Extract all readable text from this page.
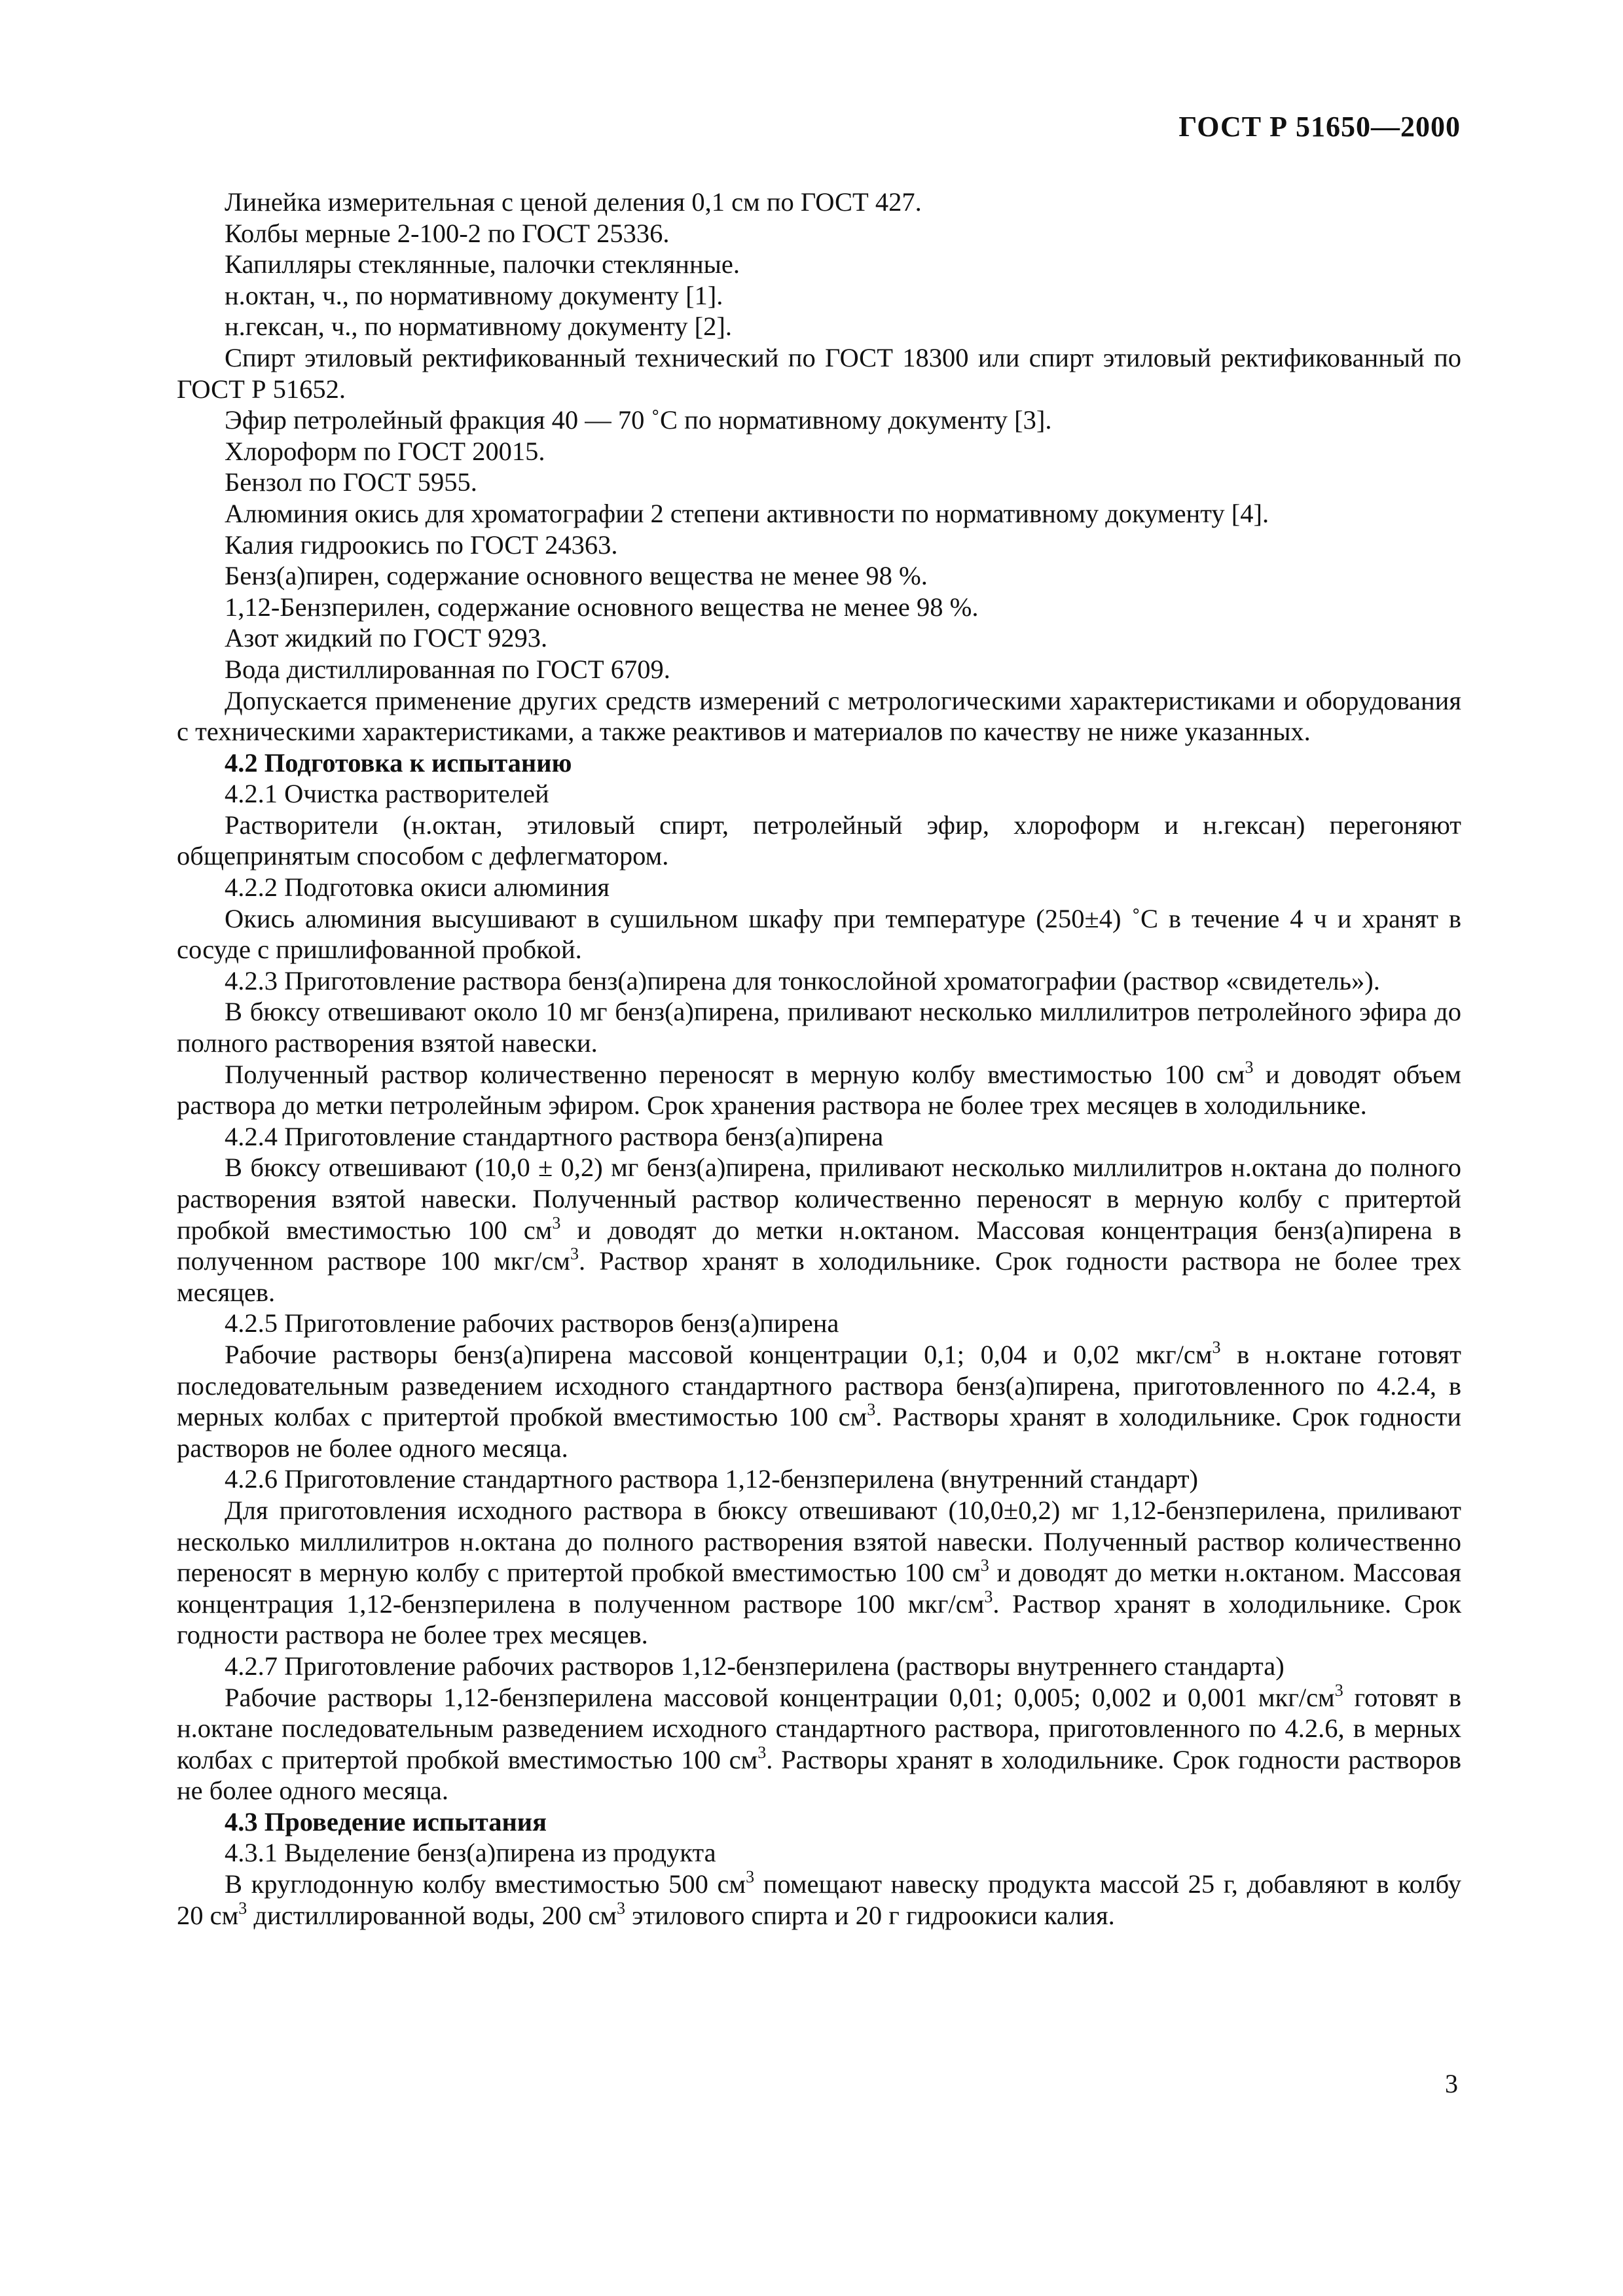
ГОСТ Р 51650—2000

Линейка измерительная с ценой деления 0,1 см по ГОСТ 427.

Колбы мерные 2-100-2 по ГОСТ 25336.

Капилляры стеклянные, палочки стеклянные.

н.октан, ч., по нормативному документу [1].

н.гексан, ч., по нормативному документу [2].

Спирт этиловый ректификованный технический по ГОСТ 18300 или спирт этиловый ректификованный по ГОСТ Р 51652.

Эфир петролейный фракция 40 — 70 ˚С по нормативному документу [3].

Хлороформ по ГОСТ 20015.

Бензол по ГОСТ 5955.

Алюминия окись для хроматографии 2 степени активности по нормативному документу [4].

Калия гидроокись по ГОСТ 24363.

Бенз(а)пирен, содержание основного вещества не менее 98 %.

1,12-Бензперилен, содержание основного вещества не менее 98 %.

Азот жидкий по ГОСТ 9293.

Вода дистиллированная по ГОСТ 6709.

Допускается применение других средств измерений с метрологическими характеристиками и оборудования с техническими характеристиками, а также реактивов и материалов по качеству не ниже указанных.

4.2 Подготовка к испытанию

4.2.1 Очистка растворителей

Растворители (н.октан, этиловый спирт, петролейный эфир, хлороформ и н.гексан) перегоняют общепринятым способом с дефлегматором.

4.2.2 Подготовка окиси алюминия

Окись алюминия высушивают в сушильном шкафу при температуре (250±4) ˚С в течение 4 ч и хранят в сосуде с пришлифованной пробкой.

4.2.3 Приготовление раствора бенз(а)пирена для тонкослойной хроматографии (раствор «свидетель»).

В бюксу отвешивают около 10 мг бенз(а)пирена, приливают несколько миллилитров петролейного эфира до полного растворения взятой навески.

Полученный раствор количественно переносят в мерную колбу вместимостью 100 $см^3$ и доводят объем раствора до метки петролейным эфиром. Срок хранения раствора не более трех месяцев в холодильнике.

4.2.4 Приготовление стандартного раствора бенз(а)пирена

В бюксу отвешивают (10,0 ± 0,2) мг бенз(а)пирена, приливают несколько миллилитров н.октана до полного растворения взятой навески. Полученный раствор количественно переносят в мерную колбу с притертой пробкой вместимостью 100 $см^3$ и доводят до метки н.октаном. Массовая концентрация бенз(а)пирена в полученном растворе 100 мкг/$см^3$. Раствор хранят в холодильнике. Срок годности раствора не более трех месяцев.

4.2.5 Приготовление рабочих растворов бенз(а)пирена

Рабочие растворы бенз(а)пирена массовой концентрации 0,1; 0,04 и 0,02 мкг/$см^3$ в н.октане готовят последовательным разведением исходного стандартного раствора бенз(а)пирена, приготовленного по 4.2.4, в мерных колбах с притертой пробкой вместимостью 100 $см^3$. Растворы хранят в холодильнике. Срок годности растворов не более одного месяца.

4.2.6 Приготовление стандартного раствора 1,12-бензперилена (внутренний стандарт)

Для приготовления исходного раствора в бюксу отвешивают (10,0±0,2) мг 1,12-бензперилена, приливают несколько миллилитров н.октана до полного растворения взятой навески. Полученный раствор количественно переносят в мерную колбу с притертой пробкой вместимостью 100 $см^3$ и доводят до метки н.октаном. Массовая концентрация 1,12-бензперилена в полученном растворе 100 мкг/$см^3$. Раствор хранят в холодильнике. Срок годности раствора не более трех месяцев.

4.2.7 Приготовление рабочих растворов 1,12-бензперилена (растворы внутреннего стандарта)

Рабочие растворы 1,12-бензперилена массовой концентрации 0,01; 0,005; 0,002 и 0,001 мкг/$см^3$ готовят в н.октане последовательным разведением исходного стандартного раствора, приготовленного по 4.2.6, в мерных колбах с притертой пробкой вместимостью 100 $см^3$. Растворы хранят в холодильнике. Срок годности растворов не более одного месяца.

4.3 Проведение испытания

4.3.1 Выделение бенз(а)пирена из продукта

В круглодонную колбу вместимостью 500 $см^3$ помещают навеску продукта массой 25 г, добавляют в колбу 20 $см^3$ дистиллированной воды, 200 $см^3$ этилового спирта и 20 г гидроокиси калия.

3
